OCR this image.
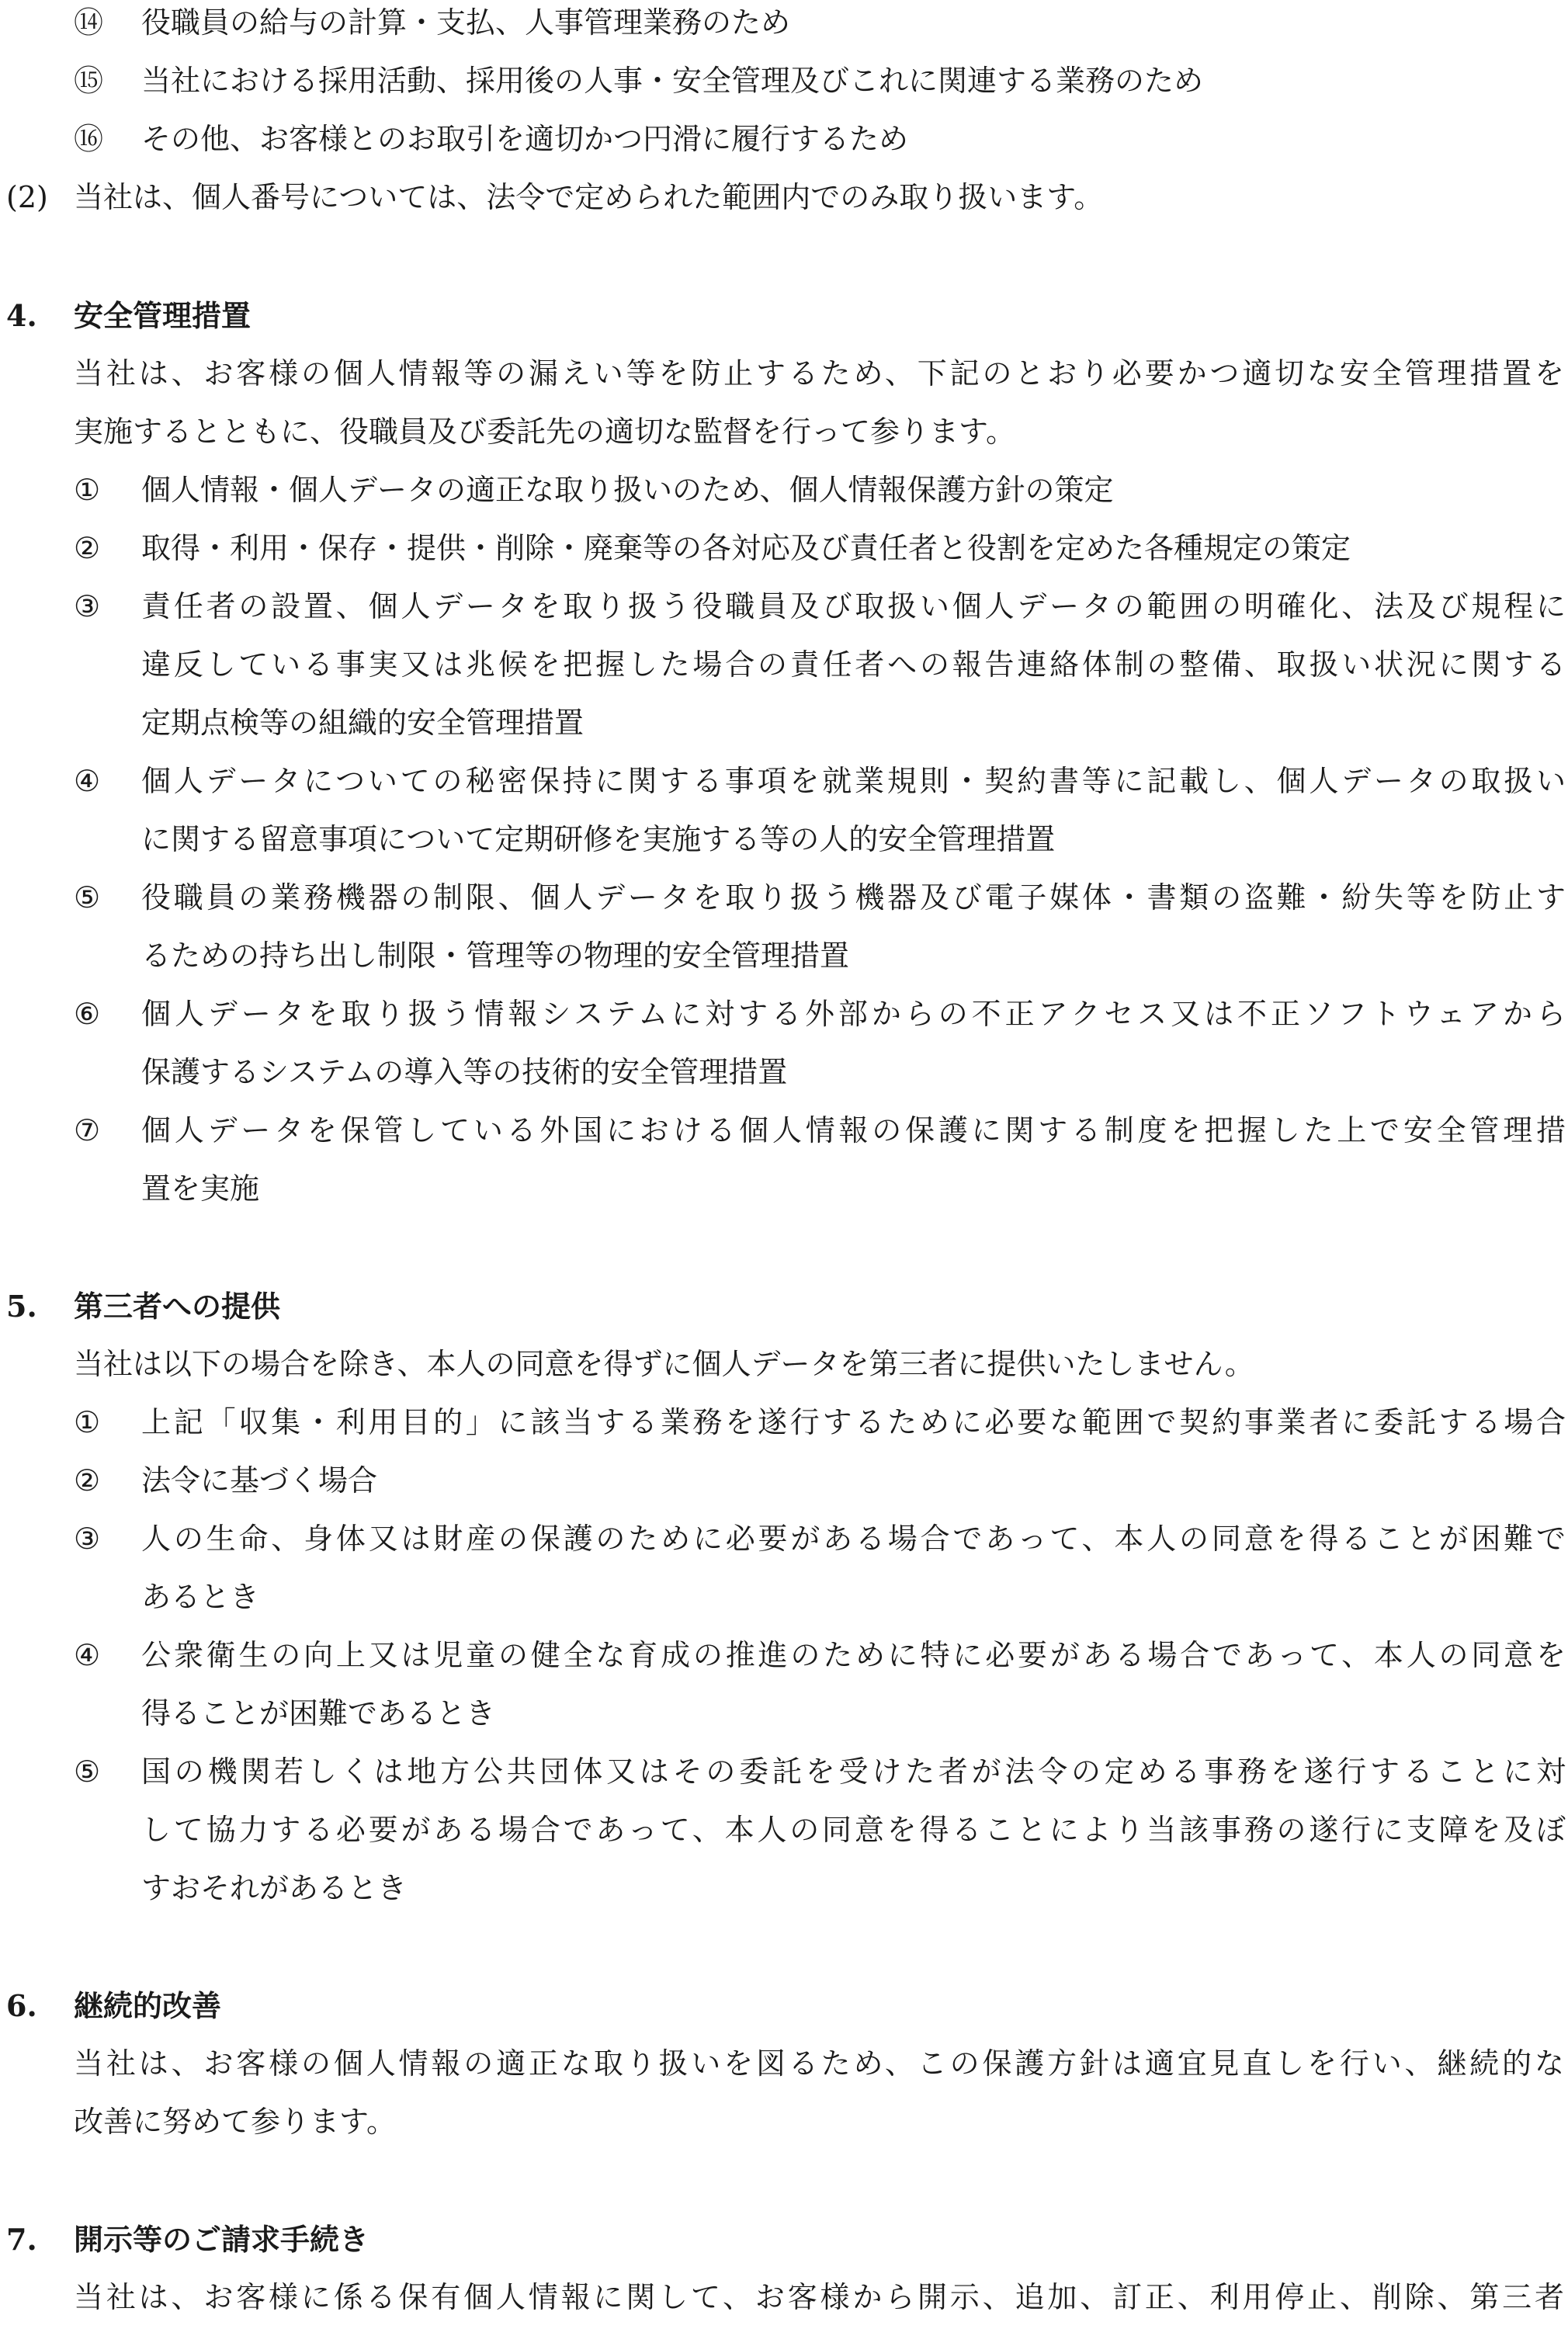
⑭ 役職員の給与の計算・支払、人事管理業務のため
⑮ 当社における採用活動、採用後の人事・安全管理及びこれに関連する業務のため
⑯ その他、お客様とのお取引を適切かつ円滑に履行するため
(2) 当社は、個人番号については、法令で定められた範囲内でのみ取り扱います。
4. 安全管理措置
当社は、お客様の個人情報等の漏えい等を防止するため、下記のとおり必要かつ適切な安全管理措置を
実施するとともに、役職員及び委託先の適切な監督を行って参ります。
① 個人情報・個人データの適正な取り扱いのため、個人情報保護方針の策定
② 取得・利用・保存・提供・削除・廃棄等の各対応及び責任者と役割を定めた各種規定の策定
③ 責任者の設置、個人データを取り扱う役職員及び取扱い個人データの範囲の明確化、法及び規程に
違反している事実又は兆候を把握した場合の責任者への報告連絡体制の整備、取扱い状況に関する
定期点検等の組織的安全管理措置
④ 個人データについての秘密保持に関する事項を就業規則・契約書等に記載し、個人データの取扱い
に関する留意事項について定期研修を実施する等の人的安全管理措置
⑤ 役職員の業務機器の制限、個人データを取り扱う機器及び電子媒体・書類の盗難・紛失等を防止す
るための持ち出し制限・管理等の物理的安全管理措置
⑥ 個人データを取り扱う情報システムに対する外部からの不正アクセス又は不正ソフトウェアから
保護するシステムの導入等の技術的安全管理措置
⑦ 個人データを保管している外国における個人情報の保護に関する制度を把握した上で安全管理措
置を実施
5. 第三者への提供
当社は以下の場合を除き、本人の同意を得ずに個人データを第三者に提供いたしません。
① 上記「収集・利用目的」に該当する業務を遂行するために必要な範囲で契約事業者に委託する場合
② 法令に基づく場合
③ 人の生命、身体又は財産の保護のために必要がある場合であって、本人の同意を得ることが困難で
あるとき
④ 公衆衛生の向上又は児童の健全な育成の推進のために特に必要がある場合であって、本人の同意を
得ることが困難であるとき
⑤ 国の機関若しくは地方公共団体又はその委託を受けた者が法令の定める事務を遂行することに対
して協力する必要がある場合であって、本人の同意を得ることにより当該事務の遂行に支障を及ぼ
すおそれがあるとき
6. 継続的改善
当社は、お客様の個人情報の適正な取り扱いを図るため、この保護方針は適宜見直しを行い、継続的な
改善に努めて参ります。
7. 開示等のご請求手続き
当社は、お客様に係る保有個人情報に関して、お客様から開示、追加、訂正、利用停止、削除、第三者
